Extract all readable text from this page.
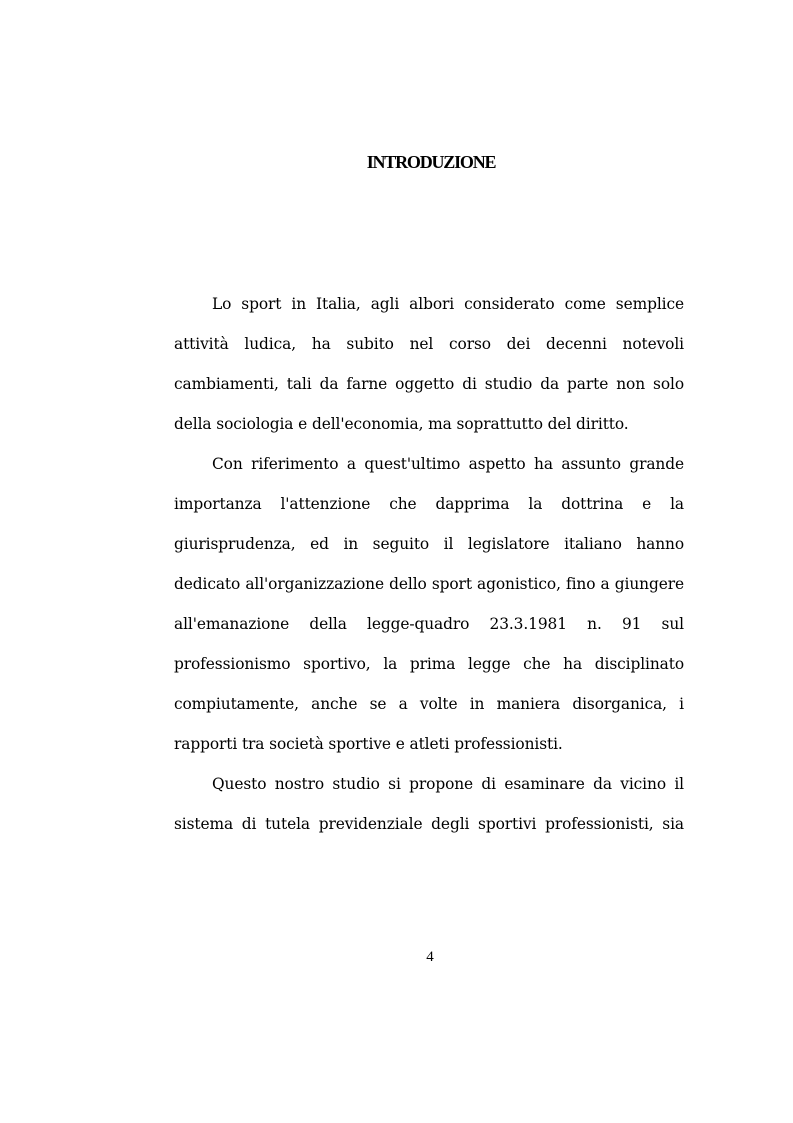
INTRODUZIONE

Lo sport in Italia, agli albori considerato come semplice attività ludica, ha subito nel corso dei decenni notevoli cambiamenti, tali da farne oggetto di studio da parte non solo della sociologia e dell'economia, ma soprattutto del diritto.

Con riferimento a quest'ultimo aspetto ha assunto grande importanza l'attenzione che dapprima la dottrina e la giurisprudenza, ed in seguito il legislatore italiano hanno dedicato all'organizzazione dello sport agonistico, fino a giungere all'emanazione della legge-quadro 23.3.1981 n. 91 sul professionismo sportivo, la prima legge che ha disciplinato compiutamente, anche se a volte in maniera disorganica, i rapporti tra società sportive e atleti professionisti.

Questo nostro studio si propone di esaminare da vicino il sistema di tutela previdenziale degli sportivi professionisti, sia

4
